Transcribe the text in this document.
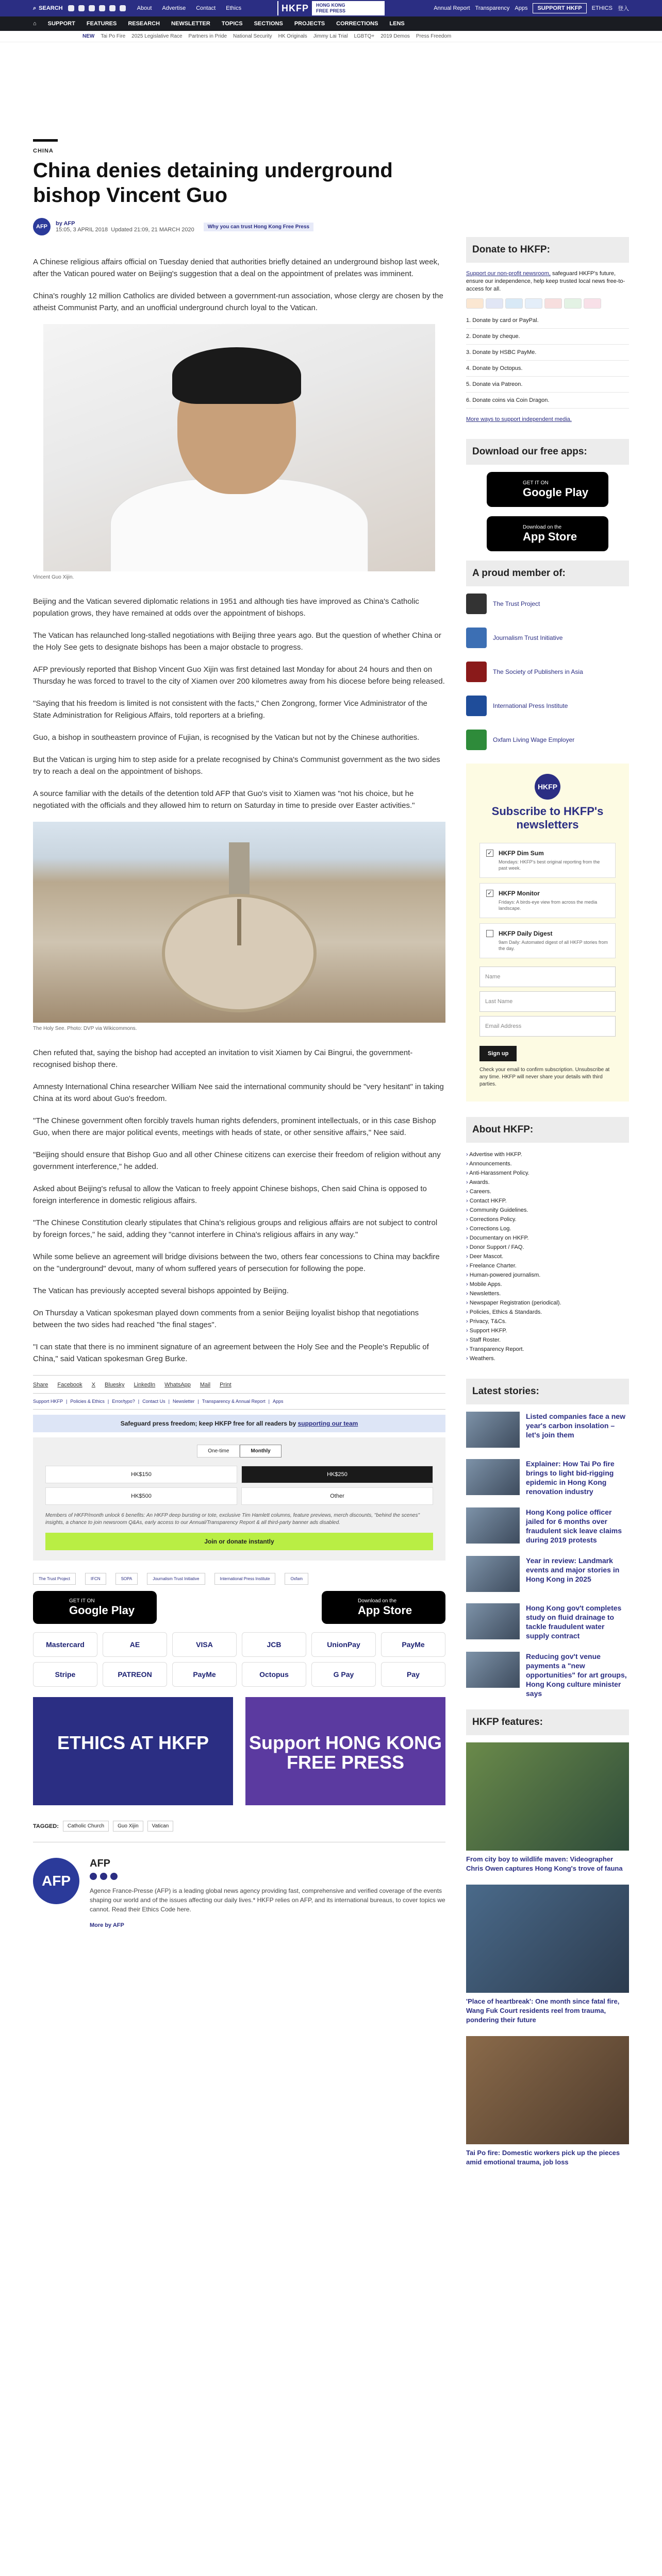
⌕ SEARCH	About Advertise Contact Ethics	HKFP	HONG KONG
FREE PRESS	Annual Report Transparency Apps	SUPPORT HKFP	ETHICS 登入
⌂ SUPPORT FEATURES RESEARCH NEWSLETTER TOPICS SECTIONS PROJECTS CORRECTIONS LENS
NEW Tai Po Fire 2025 Legislative Race Partners in Pride National Security HK Originals Jimmy Lai Trial LGBTQ+ 2019 Demos Press Freedom
CHINA
China denies detaining underground bishop Vincent Guo
AFP	by AFP
15:05, 3 APRIL 2018 Updated 21:09, 21 MARCH 2020	Why you can trust Hong Kong Free Press

A Chinese religious affairs official on Tuesday denied that authorities briefly detained an underground bishop last week, after the Vatican poured water on Beijing's suggestion that a deal on the appointment of prelates was imminent.

China's roughly 12 million Catholics are divided between a government-run association, whose clergy are chosen by the atheist Communist Party, and an unofficial underground church loyal to the Vatican.

Vincent Guo Xijin.

Beijing and the Vatican severed diplomatic relations in 1951 and although ties have improved as China's Catholic population grows, they have remained at odds over the appointment of bishops.

The Vatican has relaunched long-stalled negotiations with Beijing three years ago. But the question of whether China or the Holy See gets to designate bishops has been a major obstacle to progress.

AFP previously reported that Bishop Vincent Guo Xijin was first detained last Monday for about 24 hours and then on Thursday he was forced to travel to the city of Xiamen over 200 kilometres away from his diocese before being released.

"Saying that his freedom is limited is not consistent with the facts," Chen Zongrong, former Vice Administrator of the State Administration for Religious Affairs, told reporters at a briefing.

Guo, a bishop in southeastern province of Fujian, is recognised by the Vatican but not by the Chinese authorities.

But the Vatican is urging him to step aside for a prelate recognised by China's Communist government as the two sides try to reach a deal on the appointment of bishops.

A source familiar with the details of the detention told AFP that Guo's visit to Xiamen was "not his choice, but he negotiated with the officials and they allowed him to return on Saturday in time to preside over Easter activities."

The Holy See. Photo: DVP via Wikicommons.

Chen refuted that, saying the bishop had accepted an invitation to visit Xiamen by Cai Bingrui, the government-recognised bishop there.

Amnesty International China researcher William Nee said the international community should be "very hesitant" in taking China at its word about Guo's freedom.

"The Chinese government often forcibly travels human rights defenders, prominent intellectuals, or in this case Bishop Guo, when there are major political events, meetings with heads of state, or other sensitive affairs," Nee said.

"Beijing should ensure that Bishop Guo and all other Chinese citizens can exercise their freedom of religion without any government interference," he added.

Asked about Beijing's refusal to allow the Vatican to freely appoint Chinese bishops, Chen said China is opposed to foreign interference in domestic religious affairs.

"The Chinese Constitution clearly stipulates that China's religious groups and religious affairs are not subject to control by foreign forces," he said, adding they "cannot interfere in China's religious affairs in any way."

While some believe an agreement will bridge divisions between the two, others fear concessions to China may backfire on the "underground" devout, many of whom suffered years of persecution for following the pope.

The Vatican has previously accepted several bishops appointed by Beijing.

On Thursday a Vatican spokesman played down comments from a senior Beijing loyalist bishop that negotiations between the two sides had reached "the final stages".

"I can state that there is no imminent signature of an agreement between the Holy See and the People's Republic of China," said Vatican spokesman Greg Burke.

Share Facebook X Bluesky LinkedIn WhatsApp Mail Print
Support HKFP | Policies & Ethics | Error/typo? | Contact Us | Newsletter | Transparency & Annual Report | Apps
Safeguard press freedom; keep HKFP free for all readers by supporting our team
One-time	Monthly
HK$150	HK$250
HK$500	Other
Members of HKFP/month unlock 6 benefits: An HKFP deep bursting or tote, exclusive Tim Hamlett columns, feature previews, merch discounts, "behind the scenes" insights, a chance to join newsroom Q&As, early access to our Annual/Transparency Report & all third-party banner ads disabled.
Join or donate instantly
The Trust Project	IFCN	SOPA	Journalism Trust Initiative	International Press Institute	Oxfam
GET IT ON
Google Play
Download on the
App Store
Mastercard	AE	VISA	JCB	UnionPay	PayMe
Stripe	PATREON	PayMe	Octopus	G Pay	Pay
ETHICS AT HKFP	Support HONG KONG FREE PRESS
TAGGED:	Catholic Church	Guo Xijin	Vatican
AFP
AFP

Agence France-Presse (AFP) is a leading global news agency providing fast, comprehensive and verified coverage of the events shaping our world and of the issues affecting our daily lives.* HKFP relies on AFP, and its international bureaus, to cover topics we cannot. Read their Ethics Code here.

More by AFP
Donate to HKFP:
Support our non-profit newsroom, safeguard HKFP's future, ensure our independence, help keep trusted local news free-to-access for all.
1. Donate by card or PayPal.
2. Donate by cheque.
3. Donate by HSBC PayMe.
4. Donate by Octopus.
5. Donate via Patreon.
6. Donate coins via Coin Dragon.
More ways to support independent media.
Download our free apps:
GET IT ON
Google Play
Download on the
App Store
A proud member of:
The Trust Project
Journalism Trust Initiative
The Society of Publishers in Asia
International Press Institute
Oxfam Living Wage Employer
HKFP
Subscribe to HKFP's newsletters
✓ HKFP Dim Sum
Mondays: HKFP's best original reporting from the past week.
✓ HKFP Monitor
Fridays: A birds-eye view from across the media landscape.
HKFP Daily Digest
9am Daily: Automated digest of all HKFP stories from the day.
Name
Last Name
Email Address
Sign up
Check your email to confirm subscription. Unsubscribe at any time. HKFP will never share your details with third parties.
About HKFP:
› Advertise with HKFP.
› Announcements.
› Anti-Harassment Policy.
› Awards.
› Careers.
› Contact HKFP.
› Community Guidelines.
› Corrections Policy.
› Corrections Log.
› Documentary on HKFP.
› Donor Support / FAQ.
› Deer Mascot.
› Freelance Charter.
› Human-powered journalism.
› Mobile Apps.
› Newsletters.
› Newspaper Registration (periodical).
› Policies, Ethics & Standards.
› Privacy, T&Cs.
› Support HKFP.
› Staff Roster.
› Transparency Report.
› Weathers.
Latest stories:
Listed companies face a new year's carbon insolation – let's join them
Explainer: How Tai Po fire brings to light bid-rigging epidemic in Hong Kong renovation industry
Hong Kong police officer jailed for 6 months over fraudulent sick leave claims during 2019 protests
Year in review: Landmark events and major stories in Hong Kong in 2025
Hong Kong gov't completes study on fluid drainage to tackle fraudulent water supply contract
Reducing gov't venue payments a "new opportunities" for art groups, Hong Kong culture minister says
HKFP features:
From city boy to wildlife maven: Videographer Chris Owen captures Hong Kong's trove of fauna
'Place of heartbreak': One month since fatal fire, Wang Fuk Court residents reel from trauma, pondering their future
Tai Po fire: Domestic workers pick up the pieces amid emotional trauma, job loss
